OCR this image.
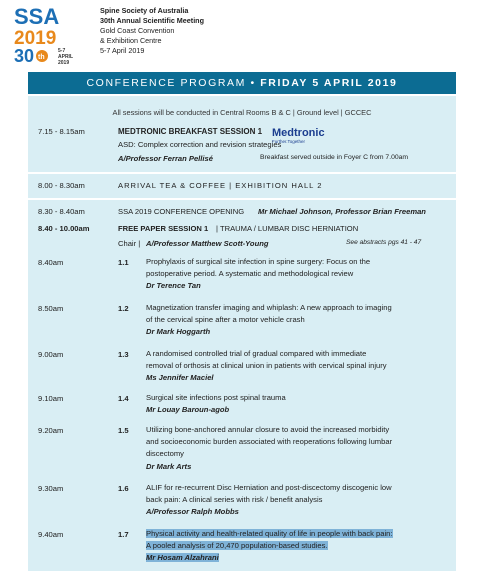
SSA
2019
30 th
5-7
APRIL
2019
Spine Society of Australia
30th Annual Scientific Meeting
Gold Coast Convention
& Exhibition Centre
5-7 April 2019
CONFERENCE PROGRAM • FRIDAY 5 APRIL 2019
All sessions will be conducted in Central Rooms B & C | Ground level | GCCEC
7.15 - 8.15am	MEDTRONIC BREAKFAST SESSION 1 Medtronic
Further.Together
ASD: Complex correction and revision strategies
A/Professor Ferran Pellisé	Breakfast served outside in Foyer C from 7.00am
8.00 - 8.30am	ARRIVAL TEA & COFFEE | EXHIBITION HALL 2
8.30 - 8.40am	SSA 2019 CONFERENCE OPENING Mr Michael Johnson, Professor Brian Freeman
8.40 - 10.00am	FREE PAPER SESSION 1 | TRAUMA / LUMBAR DISC HERNIATION
Chair | A/Professor Matthew Scott-Young	See abstracts pgs 41 - 47
8.40am	1.1 Prophylaxis of surgical site infection in spine surgery: Focus on the
postoperative period. A systematic and methodological review
Dr Terence Tan
8.50am	1.2 Magnetization transfer imaging and whiplash: A new approach to imaging
of the cervical spine after a motor vehicle crash
Dr Mark Hoggarth
9.00am	1.3 A randomised controlled trial of gradual compared with immediate
removal of orthosis at clinical union in patients with cervical spinal injury
Ms Jennifer Maciel
9.10am	1.4 Surgical site infections post spinal trauma
Mr Louay Baroun-agob
9.20am	1.5 Utilizing bone-anchored annular closure to avoid the increased morbidity
and socioeconomic burden associated with reoperations following lumbar
discectomy
Dr Mark Arts
9.30am	1.6 ALIF for re-recurrent Disc Herniation and post-discectomy discogenic low
back pain: A clinical series with risk / benefit analysis
A/Professor Ralph Mobbs
9.40am	1.7 Physical activity and health-related quality of life in people with back pain:
A pooled analysis of 20,470 population-based studies.
Mr Hosam Alzahrani
